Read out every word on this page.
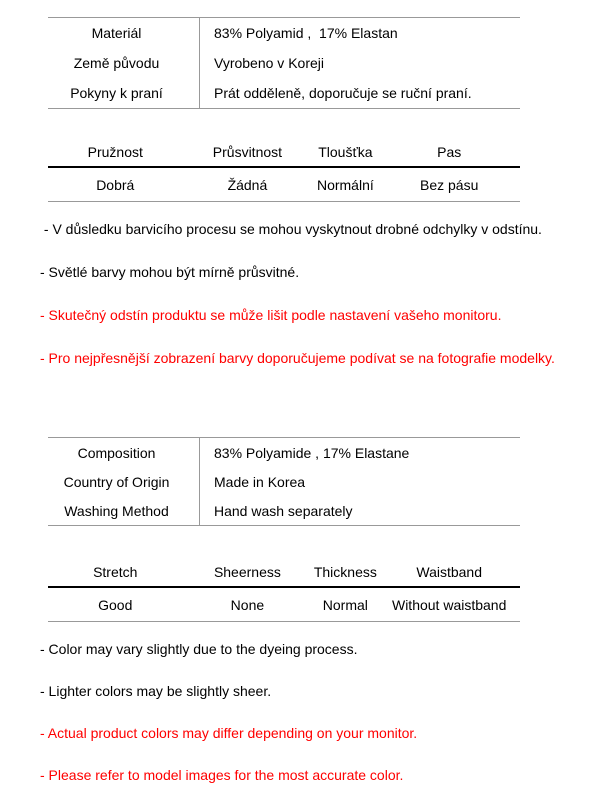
Materiál	83% Polyamid ,  17% Elastan
Země původu	Vyrobeno v Koreji
Pokyny k praní	Prát odděleně, doporučuje se ruční praní.
Pružnost	Průsvitnost	Tloušťka	Pas
Dobrá	Žádná	Normální	Bez pásu
- V důsledku barvicího procesu se mohou vyskytnout drobné odchylky v odstínu.
- Světlé barvy mohou být mírně průsvitné.
- Skutečný odstín produktu se může lišit podle nastavení vašeho monitoru.
- Pro nejpřesnější zobrazení barvy doporučujeme podívat se na fotografie modelky.
Composition	83% Polyamide , 17% Elastane
Country of Origin	Made in Korea
Washing Method	Hand wash separately
Stretch	Sheerness	Thickness	Waistband
Good	None	Normal	Without waistband
- Color may vary slightly due to the dyeing process.
- Lighter colors may be slightly sheer.
- Actual product colors may differ depending on your monitor.
- Please refer to model images for the most accurate color.
